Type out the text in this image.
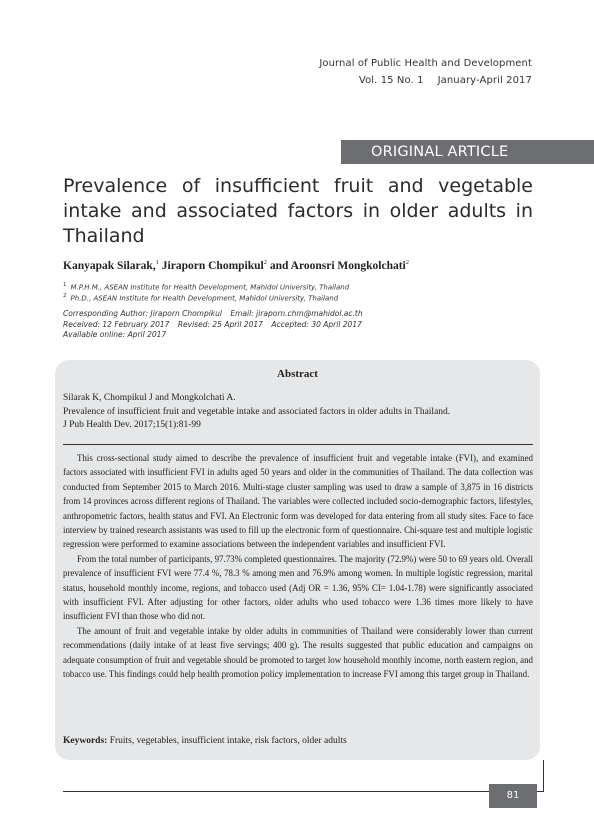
Journal of Public Health and Development
Vol. 15 No. 1 January-April 2017
ORIGINAL ARTICLE
Prevalence of insufficient fruit and vegetable intake and associated factors in older adults in Thailand
Kanyapak Silarak,$^1$ Jiraporn Chompikul$^2$ and Aroonsri Mongkolchati$^2$
$^1$ M.P.H.M., ASEAN Institute for Health Development, Mahidol University, Thailand
$^2$ Ph.D., ASEAN Institute for Health Development, Mahidol University, Thailand
Corresponding Author: Jiraporn Chompikul Email: jiraporn.chm@mahidol.ac.th
Received: 12 February 2017 Revised: 25 April 2017 Accepted: 30 April 2017
Available online: April 2017
Abstract
Silarak K, Chompikul J and Mongkolchati A.
Prevalence of insufficient fruit and vegetable intake and associated factors in older adults in Thailand.
J Pub Health Dev. 2017;15(1):81-99

This cross-sectional study aimed to describe the prevalence of insufficient fruit and vegetable intake (FVI), and examined factors associated with insufficient FVI in adults aged 50 years and older in the communities of Thailand. The data collection was conducted from September 2015 to March 2016. Multi-stage cluster sampling was used to draw a sample of 3,875 in 16 districts from 14 provinces across different regions of Thailand. The variables were collected included socio-demographic factors, lifestyles, anthropometric factors, health status and FVI. An Electronic form was developed for data entering from all study sites. Face to face interview by trained research assistants was used to fill up the electronic form of questionnaire. Chi-square test and multiple logistic regression were performed to examine associations between the independent variables and insufficient FVI.

From the total number of participants, 97.73% completed questionnaires. The majority (72.9%) were 50 to 69 years old. Overall prevalence of insufficient FVI were 77.4 %, 78.3 % among men and 76.9% among women. In multiple logistic regression, marital status, household monthly income, regions, and tobacco used (Adj OR = 1.36, 95% CI= 1.04-1.78) were significantly associated with insufficient FVI. After adjusting for other factors, older adults who used tobacco were 1.36 times more likely to have insufficient FVI than those who did not.

The amount of fruit and vegetable intake by older adults in communities of Thailand were considerably lower than current recommendations (daily intake of at least five servings; 400 g). The results suggested that public education and campaigns on adequate consumption of fruit and vegetable should be promoted to target low household monthly income, north eastern region, and tobacco use. This findings could help health promotion policy implementation to increase FVI among this target group in Thailand.

Keywords: Fruits, vegetables, insufficient intake, risk factors, older adults
81
